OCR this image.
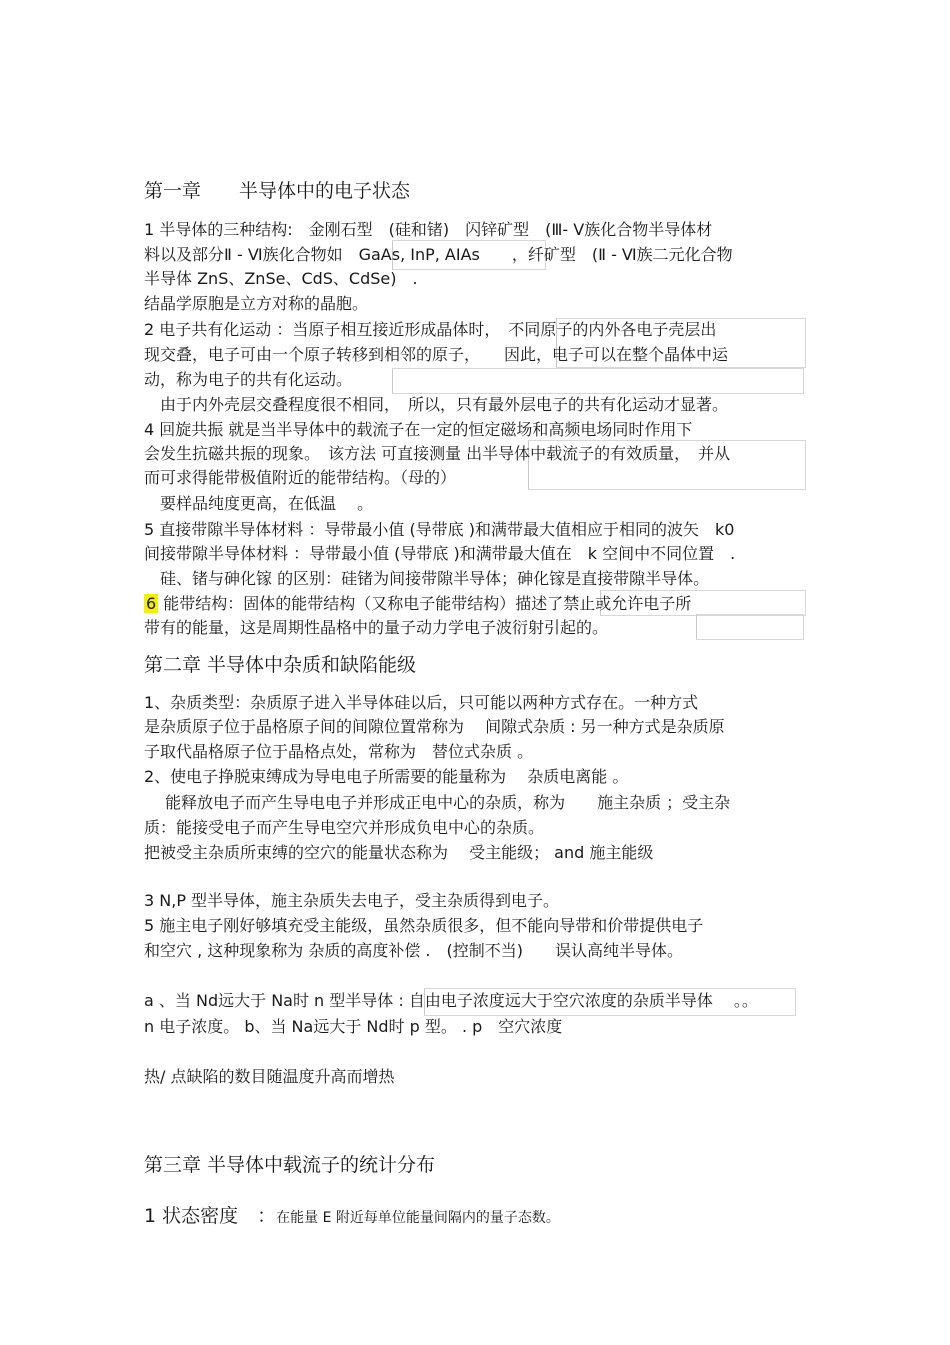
第一章　　半导体中的电子状态
1 半导体的三种结构:　金刚石型　(硅和锗)　闪锌矿型　(Ⅲ- Ⅴ族化合物半导体材
料以及部分Ⅱ - Ⅵ族化合物如　GaAs, InP, AIAs　　，纤矿型　(Ⅱ - Ⅵ族二元化合物
半导体 ZnS、ZnSe、CdS、CdSe)　.
结晶学原胞是立方对称的晶胞。
2 电子共有化运动 ：当原子相互接近形成晶体时，　不同原子的内外各电子壳层出
现交叠，电子可由一个原子转移到相邻的原子，　　因此，电子可以在整个晶体中运
动，称为电子的共有化运动。
　由于内外壳层交叠程度很不相同，　所以，只有最外层电子的共有化运动才显著。
4 回旋共振 就是当半导体中的载流子在一定的恒定磁场和高频电场同时作用下
会发生抗磁共振的现象。　该方法 可直接测量 出半导体中载流子的有效质量，　并从
而可求得能带极值附近的能带结构。（母的）
　要样品纯度更高，在低温　 。
5 直接带隙半导体材料 ：导带最小值 (导带底 )和满带最大值相应于相同的波矢　k0
间接带隙半导体材料 ：导带最小值 (导带底 )和满带最大值在　k 空间中不同位置　.
　硅、锗与砷化镓 的区别：硅锗为间接带隙半导体；砷化镓是直接带隙半导体。
6 能带结构：固体的能带结构（又称电子能带结构）描述了禁止或允许电子所
带有的能量，这是周期性晶格中的量子动力学电子波衍射引起的。
第二章 半导体中杂质和缺陷能级
1、杂质类型：杂质原子进入半导体硅以后，只可能以两种方式存在。一种方式
是杂质原子位于晶格原子间的间隙位置常称为　 间隙式杂质 : 另一种方式是杂质原
子取代晶格原子位于晶格点处，常称为　替位式杂质 。
2、使电子挣脱束缚成为导电电子所需要的能量称为　 杂质电离能 。
　 能释放电子而产生导电电子并形成正电中心的杂质，称为　　施主杂质 ；受主杂
质：能接受电子而产生导电空穴并形成负电中心的杂质。
把被受主杂质所束缚的空穴的能量状态称为　 受主能级； and 施主能级
3 N,P 型半导体，施主杂质失去电子，受主杂质得到电子。
5 施主电子刚好够填充受主能级，虽然杂质很多，但不能向导带和价带提供电子
和空穴 , 这种现象称为 杂质的高度补偿 .　(控制不当)　　误认高纯半导体。
a 、当 Nd远大于 Na时 n 型半导体 : 自由电子浓度远大于空穴浓度的杂质半导体　 。。
n 电子浓度。 b、当 Na远大于 Nd时 p 型。 . p　空穴浓度
热/ 点缺陷的数目随温度升高而增热
第三章 半导体中载流子的统计分布
1 状态密度　：在能量 E 附近每单位能量间隔内的量子态数。
